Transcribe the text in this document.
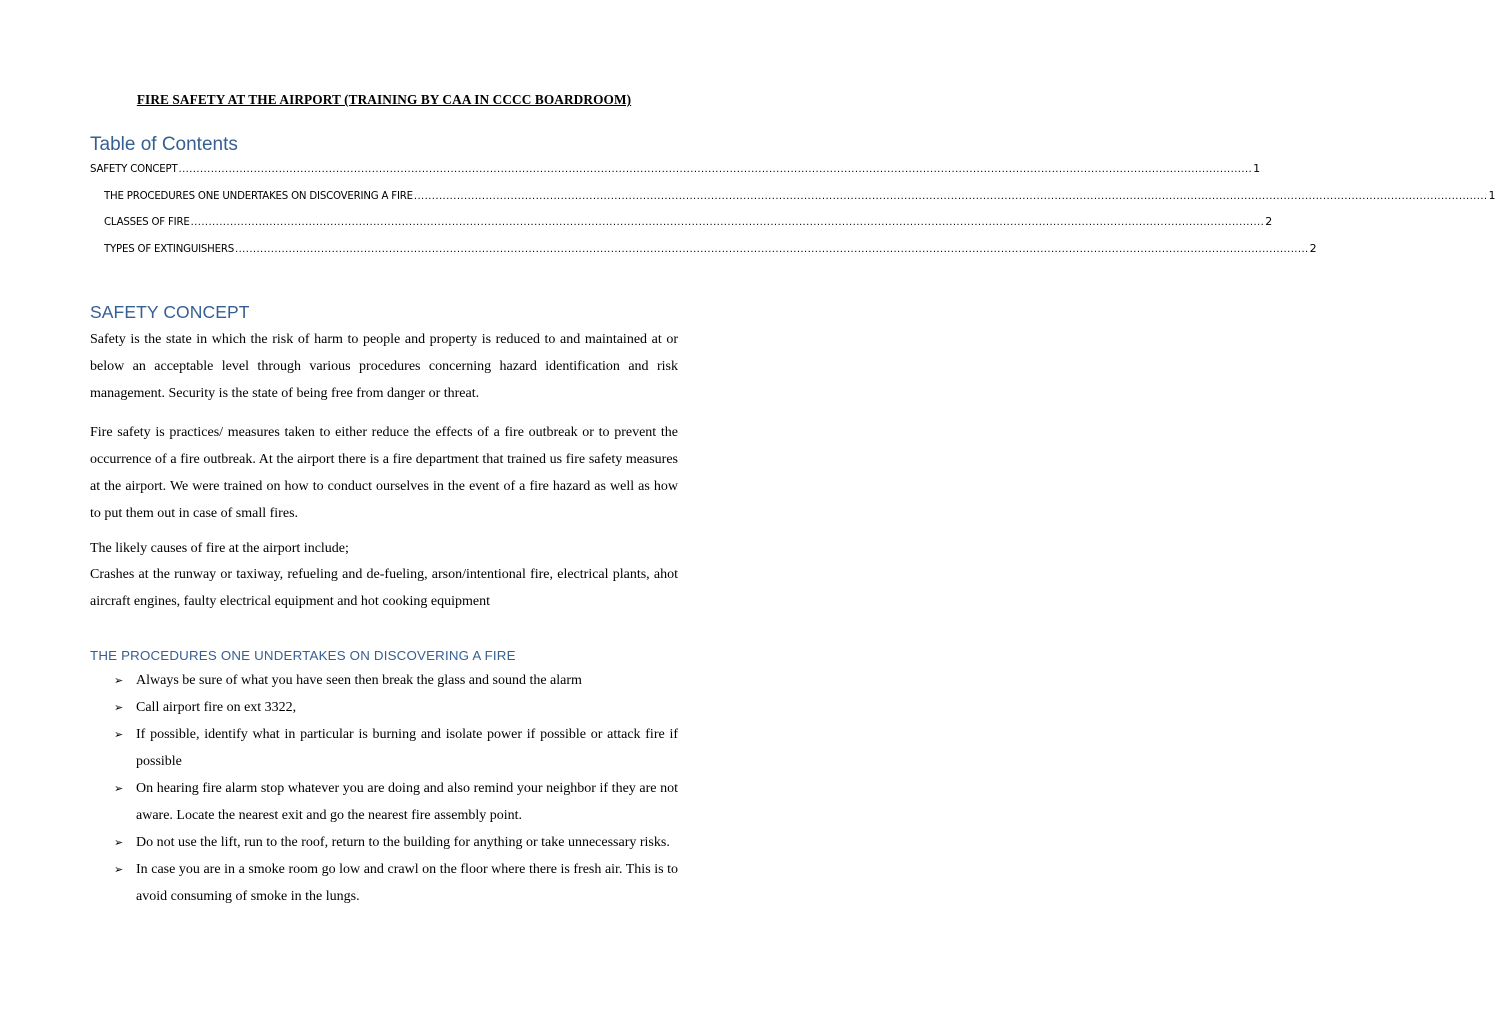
FIRE SAFETY AT THE AIRPORT (TRAINING BY CAA IN CCCC BOARDROOM)
Table of Contents
SAFETY CONCEPT ............................................................................................................................................................................................................................................................................................................ 1
THE PROCEDURES ONE UNDERTAKES ON DISCOVERING A FIRE ............................................................................................................................................................................................................................................................................................................ 1
CLASSES OF FIRE ............................................................................................................................................................................................................................................................................................................ 2
TYPES OF EXTINGUISHERS ............................................................................................................................................................................................................................................................................................................ 2
SAFETY CONCEPT

Safety is the state in which the risk of harm to people and property is reduced to and maintained at or below an acceptable level through various procedures concerning hazard identification and risk management. Security is the state of being free from danger or threat.

Fire safety is practices/ measures taken to either reduce the effects of a fire outbreak or to prevent the occurrence of a fire outbreak. At the airport there is a fire department that trained us fire safety measures at the airport. We were trained on how to conduct ourselves in the event of a fire hazard as well as how to put them out in case of small fires.

The likely causes of fire at the airport include;

Crashes at the runway or taxiway, refueling and de-fueling, arson/intentional fire, electrical plants, ahot aircraft engines, faulty electrical equipment and hot cooking equipment

THE PROCEDURES ONE UNDERTAKES ON DISCOVERING A FIRE
➢ Always be sure of what you have seen then break the glass and sound the alarm
➢ Call airport fire on ext 3322,
➢ If possible, identify what in particular is burning and isolate power if possible or attack fire if possible
➢ On hearing fire alarm stop whatever you are doing and also remind your neighbor if they are not aware. Locate the nearest exit and go the nearest fire assembly point.
➢ Do not use the lift, run to the roof, return to the building for anything or take unnecessary risks.
➢ In case you are in a smoke room go low and crawl on the floor where there is fresh air. This is to avoid consuming of smoke in the lungs.
